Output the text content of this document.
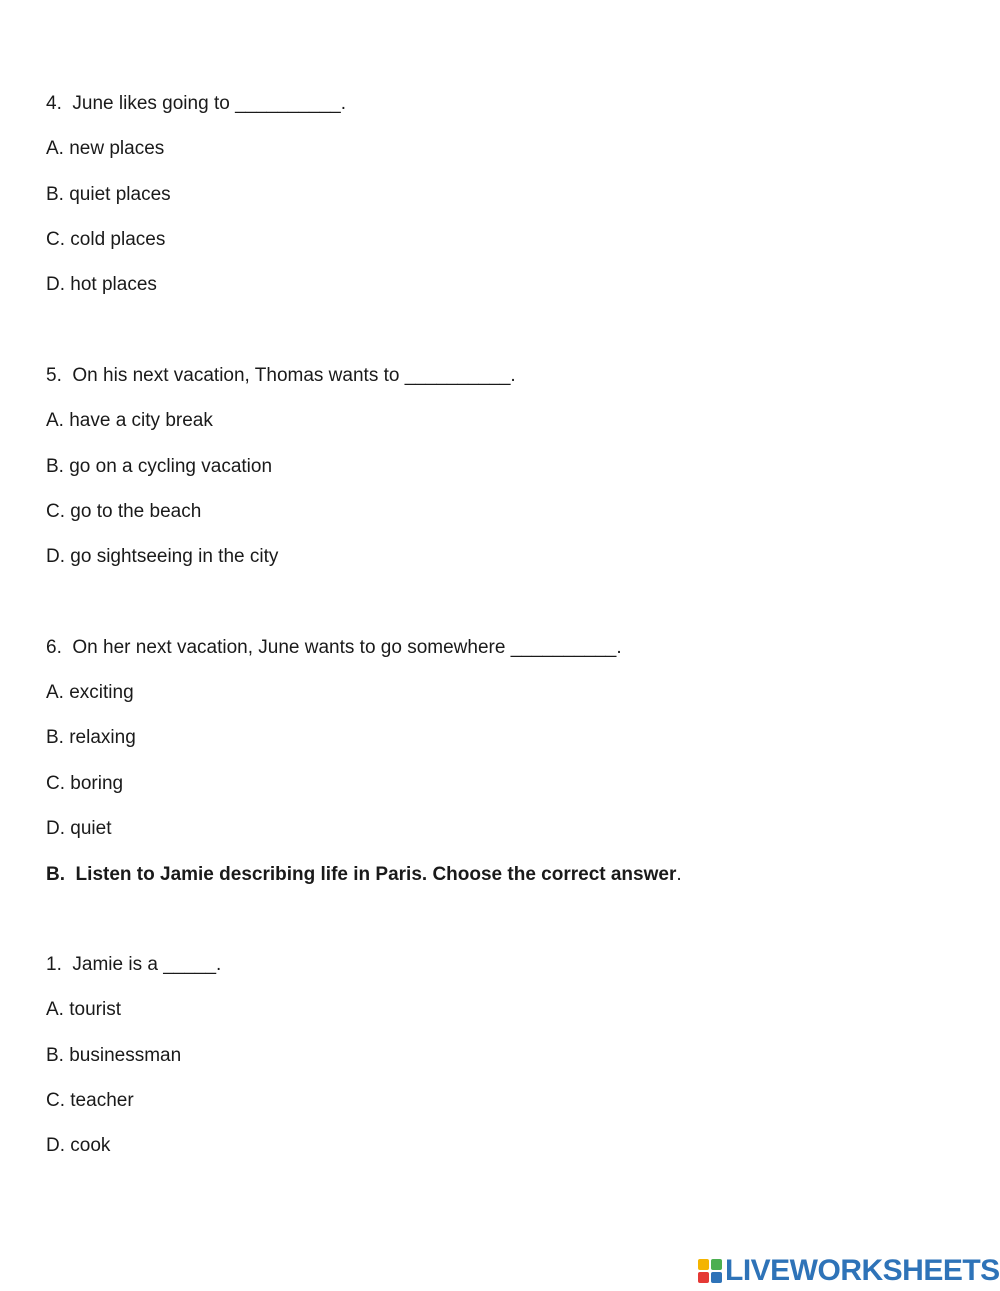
4.  June likes going to __________.
A. new places
B. quiet places
C. cold places
D. hot places
5.  On his next vacation, Thomas wants to __________.
A. have a city break
B. go on a cycling vacation
C. go to the beach
D. go sightseeing in the city
6.  On her next vacation, June wants to go somewhere __________.
A. exciting
B. relaxing
C. boring
D. quiet
B.  Listen to Jamie describing life in Paris. Choose the correct answer.
1.  Jamie is a _____.
A. tourist
B. businessman
C. teacher
D. cook
LIVEWORKSHEETS
